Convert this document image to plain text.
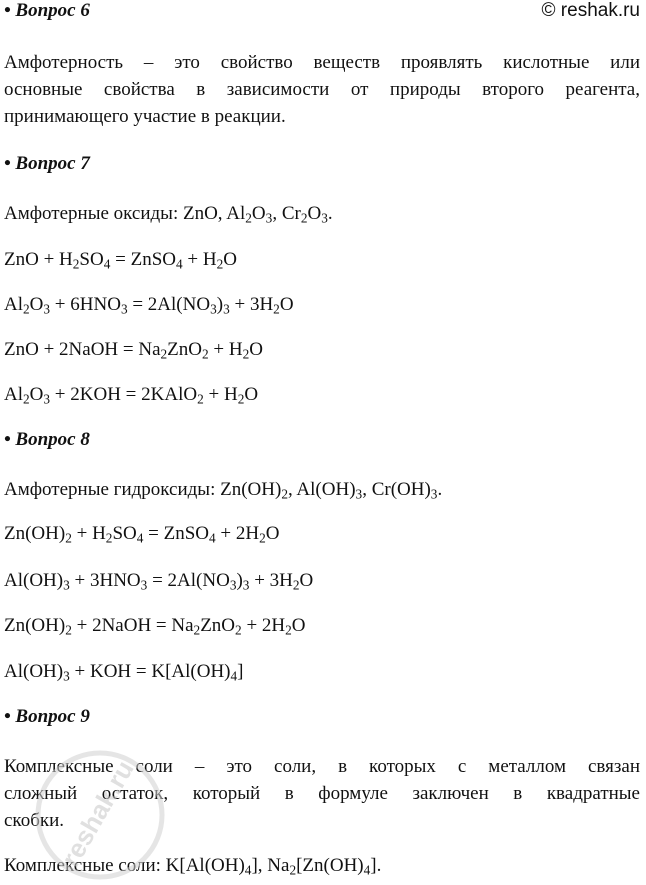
• Вопрос 6	© reshak.ru
Амфотерность – это свойство веществ проявлять кислотные или
основные свойства в зависимости от природы второго реагента,
принимающего участие в реакции.
• Вопрос 7
Амфотерные оксиды: ZnO, $Al_2O_3$, $Cr_2O_3$.
ZnO + $H_2SO_4$ = ZnSO$_4$ + $H_2O$
$Al_2O_3 + 6HNO_3 = 2Al(NO_3)_3 + 3H_2O$
ZnO + 2NaOH = $Na_2ZnO_2 + H_2O$
$Al_2O_3 + 2KOH$ = 2KAlO$_2$ + $H_2O$
• Вопрос 8
Амфотерные гидроксиды: $Zn(OH)_2$, $Al(OH)_3$, $Cr(OH)_3$.
$Zn(OH)_2 + H_2SO_4$ = ZnSO$_4$ + $2H_2O$
$Al(OH)_3 + 3HNO_3 = 2Al(NO_3)_3 + 3H_2O$
$Zn(OH)_2$ + 2NaOH = $Na_2ZnO_2 + 2H_2O$
$Al(OH)_3$ + KOH = $K[Al(OH)_4]$
• Вопрос 9
Комплексные соли – это соли, в которых с металлом связан
сложный остаток, который в формуле заключен в квадратные
скобки.
Комплексные соли: $K[Al(OH)_4]$, $Na_2[Zn(OH)_4]$.
reshak.ru
